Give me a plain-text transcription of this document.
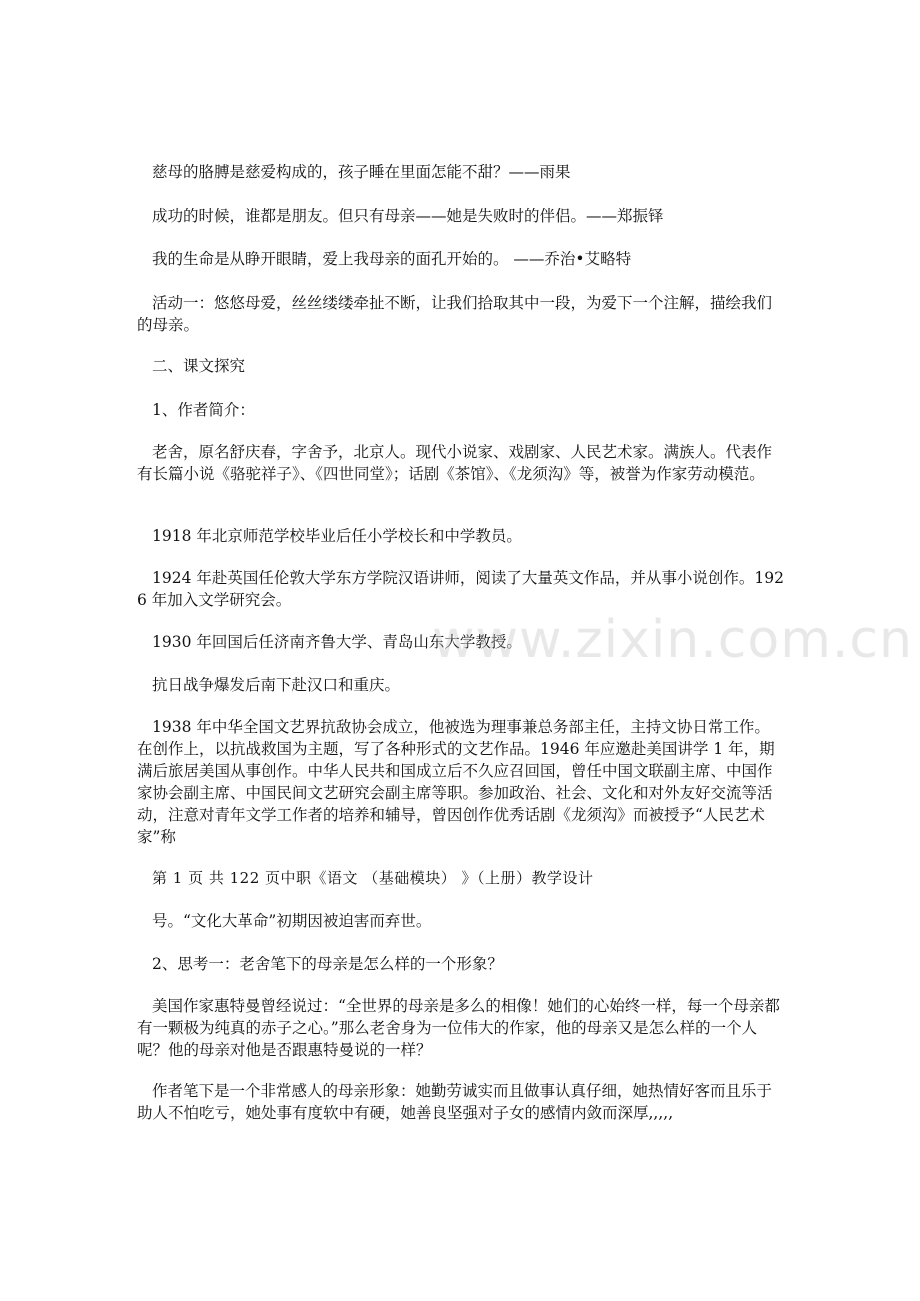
慈母的胳膊是慈爱构成的，孩子睡在里面怎能不甜？——雨果

成功的时候，谁都是朋友。但只有母亲——她是失败时的伴侣。——郑振铎

我的生命是从睁开眼睛，爱上我母亲的面孔开始的。 ——乔治•艾略特

活动一：悠悠母爱，丝丝缕缕牵扯不断，让我们拾取其中一段，为爱下一个注解，描绘我们的母亲。

二、课文探究

1、作者简介：

老舍，原名舒庆春，字舍予，北京人。现代小说家、戏剧家、人民艺术家。满族人。代表作有长篇小说《骆驼祥子》、《四世同堂》；话剧《茶馆》、《龙须沟》等，被誉为作家劳动模范。

1918 年北京师范学校毕业后任小学校长和中学教员。

1924 年赴英国任伦敦大学东方学院汉语讲师，阅读了大量英文作品，并从事小说创作。1926 年加入文学研究会。

1930 年回国后任济南齐鲁大学、青岛山东大学教授。

抗日战争爆发后南下赴汉口和重庆。

1938 年中华全国文艺界抗敌协会成立，他被选为理事兼总务部主任，主持文协日常工作。 在创作上，以抗战救国为主题，写了各种形式的文艺作品。1946 年应邀赴美国讲学 1 年，期满后旅居美国从事创作。中华人民共和国成立后不久应召回国，曾任中国文联副主席、中国作家协会副主席、中国民间文艺研究会副主席等职。参加政治、社会、文化和对外友好交流等活动，注意对青年文学工作者的培养和辅导，曾因创作优秀话剧《龙须沟》而被授予“人民艺术家”称

第 1 页 共 122 页中职《语文 （基础模块） 》（上册）教学设计

号。“文化大革命”初期因被迫害而弃世。

2、思考一：老舍笔下的母亲是怎么样的一个形象？

美国作家惠特曼曾经说过：“全世界的母亲是多么的相像！她们的心始终一样，每一个母亲都有一颗极为纯真的赤子之心。”那么老舍身为一位伟大的作家，他的母亲又是怎么样的一个人呢？他的母亲对他是否跟惠特曼说的一样？

作者笔下是一个非常感人的母亲形象：她勤劳诚实而且做事认真仔细，她热情好客而且乐于助人不怕吃亏，她处事有度软中有硬，她善良坚强对子女的感情内敛而深厚,,,,,

www.zixin.com.cn
